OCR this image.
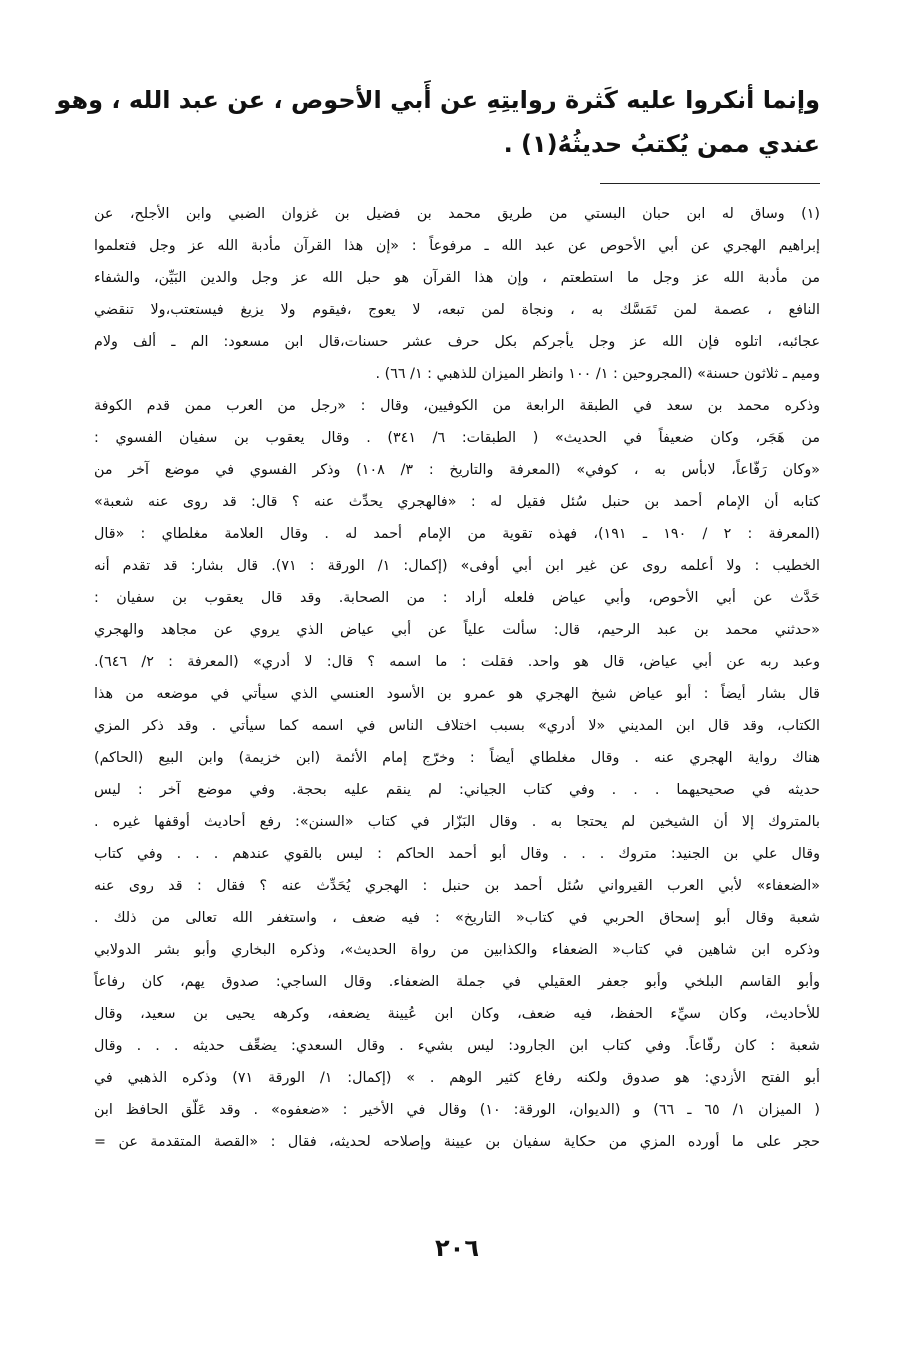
وإنما أنكروا عليه كَثرة روايتِهِ عن أَبي الأحوص ، عن عبد الله ، وهو
عندي ممن يُكتبُ حديثُهُ(١) .
(١) وساق له ابن حبان البستي من طريق محمد بن فضيل بن غزوان الضبي وابن الأجلح، عن
إبراهيم الهجري عن أبي الأحوص عن عبد الله ـ مرفوعاً : «إن هذا القرآن مأدبة الله عز وجل فتعلموا
من مأدبة الله عز وجل ما استطعتم ، وإن هذا القرآن هو حبل الله عز وجل والدين البَيِّن، والشفاء
النافع ، عصمة لمن تَمَسَّك به ، ونجاة لمن تبعه، لا يعوج ،فيقوم ولا يزيغ فيستعتب،ولا تنقضي
عجائبه، اتلوه فإن الله عز وجل يأجركم بكل حرف عشر حسنات،قال ابن مسعود: الم ـ ألف ولام
وميم ـ ثلاثون حسنة» (المجروحين : ١/ ١٠٠ وانظر الميزان للذهبي : ١/ ٦٦) .
وذكره محمد بن سعد في الطبقة الرابعة من الكوفيين، وقال : «رجل من العرب ممن قدم الكوفة
من هَجَر، وكان ضعيفاً في الحديث» ( الطبقات: ٦/ ٣٤١) . وقال يعقوب بن سفيان الفسوي :
«وكان رَفّاعاً، لابأس به ، كوفي» (المعرفة والتاريخ : ٣/ ١٠٨) وذكر الفسوي في موضع آخر من
كتابه أن الإمام أحمد بن حنبل سُئل فقيل له : «فالهجري يحدِّث عنه ؟ قال: قد روى عنه شعبة»
(المعرفة : ٢ / ١٩٠ ـ ١٩١)، فهذه تقوية من الإمام أحمد له . وقال العلامة مغلطاي : «قال
الخطيب : ولا أعلمه روى عن غير ابن أبي أوفى» (إكمال: ١/ الورقة : ٧١). قال بشار: قد تقدم أنه
حَدَّث عن أبي الأحوص، وأبي عياض فلعله أراد : من الصحابة. وقد قال يعقوب بن سفيان :
«حدثني محمد بن عبد الرحيم، قال: سألت علياً عن أبي عياض الذي يروي عن مجاهد والهجري
وعبد ربه عن أبي عياض، قال هو واحد. فقلت : ما اسمه ؟ قال: لا أدري» (المعرفة : ٢/ ٦٤٦).
قال بشار أيضاً : أبو عياض شيخ الهجري هو عمرو بن الأسود العنسي الذي سيأتي في موضعه من هذا
الكتاب، وقد قال ابن المديني «لا أدري» بسبب اختلاف الناس في اسمه كما سيأتي . وقد ذكر المزي
هناك رواية الهجري عنه . وقال مغلطاي أيضاً : وخرّج إمام الأئمة (ابن خزيمة) وابن البيع (الحاكم)
حديثه في صحيحيهما . . . وفي كتاب الجياني: لم ينقم عليه بحجة. وفي موضع آخر : ليس
بالمتروك إلا أن الشيخين لم يحتجا به . وقال البَزّار في كتاب «السنن»: رفع أحاديث أوقفها غيره .
وقال علي بن الجنيد: متروك . . . وقال أبو أحمد الحاكم : ليس بالقوي عندهم . . . وفي كتاب
«الضعفاء» لأبي العرب القيرواني سُئل أحمد بن حنبل : الهجري يُحَدِّث عنه ؟ فقال : قد روى عنه
شعبة وقال أبو إسحاق الحربي في كتاب« التاريخ» : فيه ضعف ، واستغفر الله تعالى من ذلك .
وذكره ابن شاهين في كتاب« الضعفاء والكذابين من رواة الحديث»، وذكره البخاري وأبو بشر الدولابي
وأبو القاسم البلخي وأبو جعفر العقيلي في جملة الضعفاء. وقال الساجي: صدوق يهم، كان رفاعاً
للأحاديث، وكان سيِّء الحفظ، فيه ضعف، وكان ابن عُيينة يضعفه، وكرهه يحيى بن سعيد، وقال
شعبة : كان رفّاعاً. وفي كتاب ابن الجارود: ليس بشيء . وقال السعدي: يضعِّف حديثه . . . وقال
أبو الفتح الأزدي: هو صدوق ولكنه رفاع كثير الوهم . » (إكمال: ١/ الورقة ٧١) وذكره الذهبي في
( الميزان ١/ ٦٥ ـ ٦٦) و (الديوان، الورقة: ١٠) وقال في الأخير : «ضعفوه» . وقد عَلّق الحافظ ابن
حجر على ما أورده المزي من حكاية سفيان بن عيينة وإصلاحه لحديثه، فقال : «القصة المتقدمة عن =
٢٠٦
